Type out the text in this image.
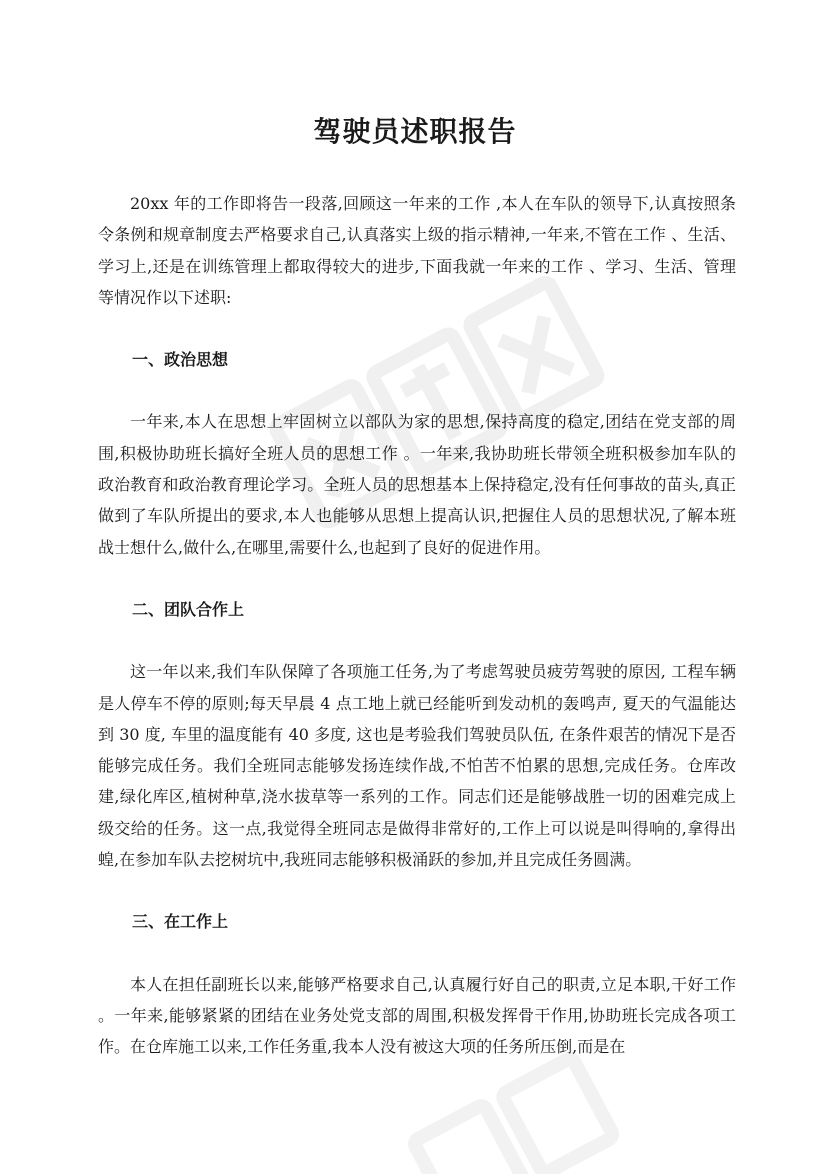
驾驶员述职报告

20xx 年的工作即将告一段落,回顾这一年来的工作 ,本人在车队的领导下,认真按照条令条例和规章制度去严格要求自己,认真落实上级的指示精神,一年来,不管在工作 、生活、学习上,还是在训练管理上都取得较大的进步,下面我就一年来的工作 、学习、生活、管理等情况作以下述职:

一、政治思想

一年来,本人在思想上牢固树立以部队为家的思想,保持高度的稳定,团结在党支部的周围,积极协助班长搞好全班人员的思想工作 。一年来,我协助班长带领全班积极参加车队的政治教育和政治教育理论学习。全班人员的思想基本上保持稳定,没有任何事故的苗头,真正做到了车队所提出的要求,本人也能够从思想上提高认识,把握住人员的思想状况,了解本班战士想什么,做什么,在哪里,需要什么,也起到了良好的促进作用。

二、团队合作上

这一年以来,我们车队保障了各项施工任务,为了考虑驾驶员疲劳驾驶的原因, 工程车辆是人停车不停的原则;每天早晨 4 点工地上就已经能听到发动机的轰鸣声, 夏天的气温能达到 30 度, 车里的温度能有 40 多度, 这也是考验我们驾驶员队伍, 在条件艰苦的情况下是否能够完成任务。我们全班同志能够发扬连续作战,不怕苦不怕累的思想,完成任务。仓库改建,绿化库区,植树种草,浇水拔草等一系列的工作。同志们还是能够战胜一切的困难完成上级交给的任务。这一点,我觉得全班同志是做得非常好的,工作上可以说是叫得响的,拿得出蝗,在参加车队去挖树坑中,我班同志能够积极涌跃的参加,并且完成任务圆满。

三、在工作上

本人在担任副班长以来,能够严格要求自己,认真履行好自己的职责,立足本职,干好工作 。一年来,能够紧紧的团结在业务处党支部的周围,积极发挥骨干作用,协助班长完成各项工作。在仓库施工以来,工作任务重,我本人没有被这大项的任务所压倒,而是在
